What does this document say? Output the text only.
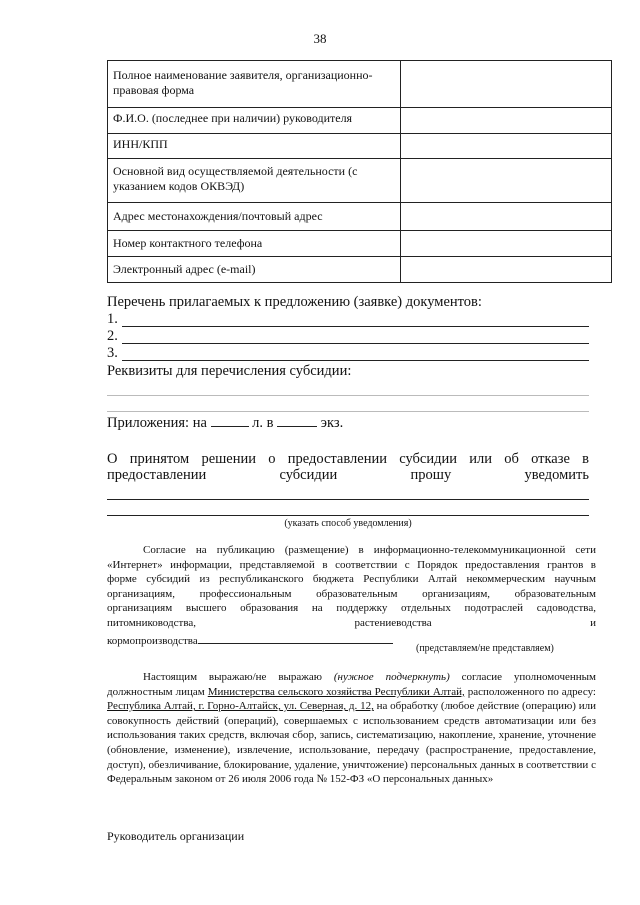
38
Полное наименование заявителя, организационно-правовая форма	
Ф.И.О. (последнее при наличии) руководителя	
ИНН/КПП	
Основной вид осуществляемой деятельности (с указанием кодов ОКВЭД)	
Адрес местонахождения/почтовый адрес	
Номер контактного телефона	
Электронный адрес (e-mail)	
Перечень прилагаемых к предложению (заявке) документов:
1.
2.
3.
Реквизиты для перечисления субсидии:
Приложения: на	л. в	экз.
О принятом решении о предоставлении субсидии или об отказе в
предоставлении	субсидии	прошу	уведомить
(указать способ уведомления)
Согласие на публикацию (размещение) в информационно-телекоммуникационной сети
«Интернет» информации, представляемой в соответствии с Порядок предоставления грантов в
форме субсидий из республиканского бюджета Республики Алтай некоммерческим научным
организациям, профессиональным образовательным организациям, образовательным
организациям высшего образования на поддержку отдельных подотраслей садоводства,
питомниководства,	растениеводства	и
кормопроизводства
(представляем/не представляем)
Настоящим выражаю/не выражаю (нужное подчеркнуть) согласие уполномоченным должностным лицам Министерства сельского хозяйства Республики Алтай, расположенного по адресу: Республика Алтай, г. Горно-Алтайск, ул. Северная, д. 12, на обработку (любое действие (операцию) или совокупность действий (операций), совершаемых с использованием средств автоматизации или без использования таких средств, включая сбор, запись, систематизацию, накопление, хранение, уточнение (обновление, изменение), извлечение, использование, передачу (распространение, предоставление, доступ), обезличивание, блокирование, удаление, уничтожение) персональных данных в соответствии с Федеральным законом от 26 июля 2006 года № 152-ФЗ «О персональных данных»
Руководитель организации
